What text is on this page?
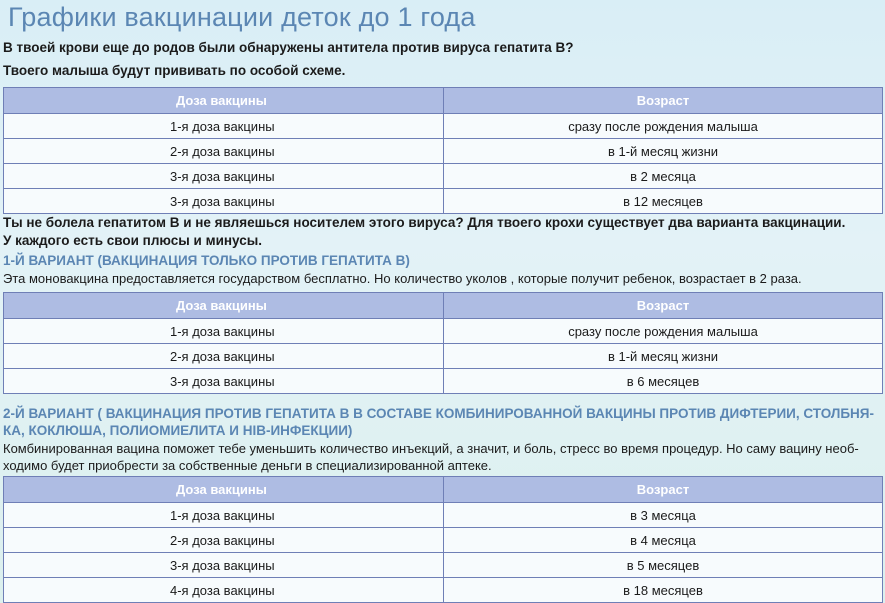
Графики вакцинации деток до 1 года
В твоей крови еще до родов были обнаружены антитела против вируса гепатита В?
Твоего малыша будут прививать по особой схеме.
Доза вакцины	Возраст
1-я доза вакцины	сразу после рождения малыша
2-я доза вакцины	в 1-й месяц жизни
3-я доза вакцины	в 2 месяца
3-я доза вакцины	в 12 месяцев
Ты не болела гепатитом В и не являешься носителем этого вируса? Для твоего крохи существует два варианта вакцинации.
У каждого есть свои плюсы и минусы.
1-Й ВАРИАНТ (ВАКЦИНАЦИЯ ТОЛЬКО ПРОТИВ ГЕПАТИТА В)
Эта моновакцина предоставляется государством бесплатно. Но количество уколов , которые получит ребенок, возрастает в 2 раза.
Доза вакцины	Возраст
1-я доза вакцины	сразу после рождения малыша
2-я доза вакцины	в 1-й месяц жизни
3-я доза вакцины	в 6 месяцев
2-Й ВАРИАНТ ( ВАКЦИНАЦИЯ ПРОТИВ ГЕПАТИТА В В СОСТАВЕ КОМБИНИРОВАННОЙ ВАКЦИНЫ ПРОТИВ ДИФТЕРИИ, СТОЛБНЯ-
КА, КОКЛЮША, ПОЛИОМИЕЛИТА И HIB-ИНФЕКЦИИ)
Комбинированная вацина поможет тебе уменьшить количество инъекций, а значит, и боль, стресс во время процедур. Но саму вацину необ-
ходимо будет приобрести за собственные деньги в специализированной аптеке.
Доза вакцины	Возраст
1-я доза вакцины	в 3 месяца
2-я доза вакцины	в 4 месяца
3-я доза вакцины	в 5 месяцев
4-я доза вакцины	в 18 месяцев
